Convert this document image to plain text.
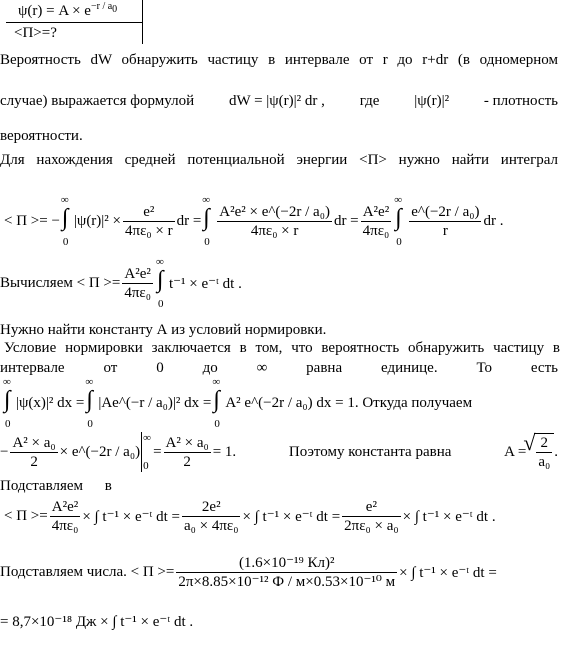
$\psi(r) = A \times e^{-r / a0}$
<П>=?
Вероятность dW обнаружить частицу в интервале от r до r+dr (в одномерном
случае) выражается формулой dW = |ψ(r)|² dr , где |ψ(r)|² - плотность
вероятности.
Для нахождения средней потенциальной энергии <П> нужно найти интеграл
< П >= −
∞
∫
0
$|\psi(r)|^2 \times \frac{\text{e²}}{\text{4πε₀ × r}}$ dr =
∞
∫
0
$\frac{\text{A²e² × e\textasciicircum{}(−2r / a₀)}}{\text{4πε₀ × r}}$ dr = $\frac{\text{A²e²}}{\text{4πε₀}}$
∞
∫
0
$\frac{\text{e\textasciicircum{}(−2r / a₀)}}{r}$ dr .
Вычисляем
< $П >= \frac{\text{A²e²}}{\text{4πε₀}}$
∞
∫
0
t⁻¹ × e⁻ᵗ dt .
Нужно найти константу А из условий нормировки.
Условие нормировки заключается в том, что вероятность обнаружить частицу в
интервале	от	0	до	∞	равна	единице.	То	есть
∞
∫
0
|ψ(x)|² dx =
∞
∫
0
|Ae^(−r / a₀)|² dx =
∞
∫
0
A² e^(−2r / a₀) dx = 1.
Откуда получаем
− $\frac{\text{A² × a₀}}{2}$ × e^(−2r / a₀)
∞
0
= $\frac{\text{A² × a₀}}{2} = 1$.	Поэтому константа равна	A =
√ $\frac{2}{\text{a₀}}$ .
Подставляем в
< $П >= \frac{\text{A²e²}}{\text{4πε₀}}$ × ∫ t⁻¹ × e⁻ᵗ dt = $\frac{\text{2e²}}{\text{a₀ × 4πε₀}}$ × ∫ t⁻¹ × e⁻ᵗ dt = $\frac{\text{e²}}{\text{2πε₀ × a₀}}$ × ∫ t⁻¹ × e⁻ᵗ dt .
Подставляем числа.
< $П >= \frac{\text{(1.6×10⁻¹⁹ Кл)²}}{\text{2π×8.85×10⁻¹² Ф / м×0.53×10⁻¹⁰ м}}$ × ∫ t⁻¹ × e⁻ᵗ dt =
= 8,7×10⁻¹⁸ Дж × ∫ t⁻¹ × e⁻ᵗ dt .
